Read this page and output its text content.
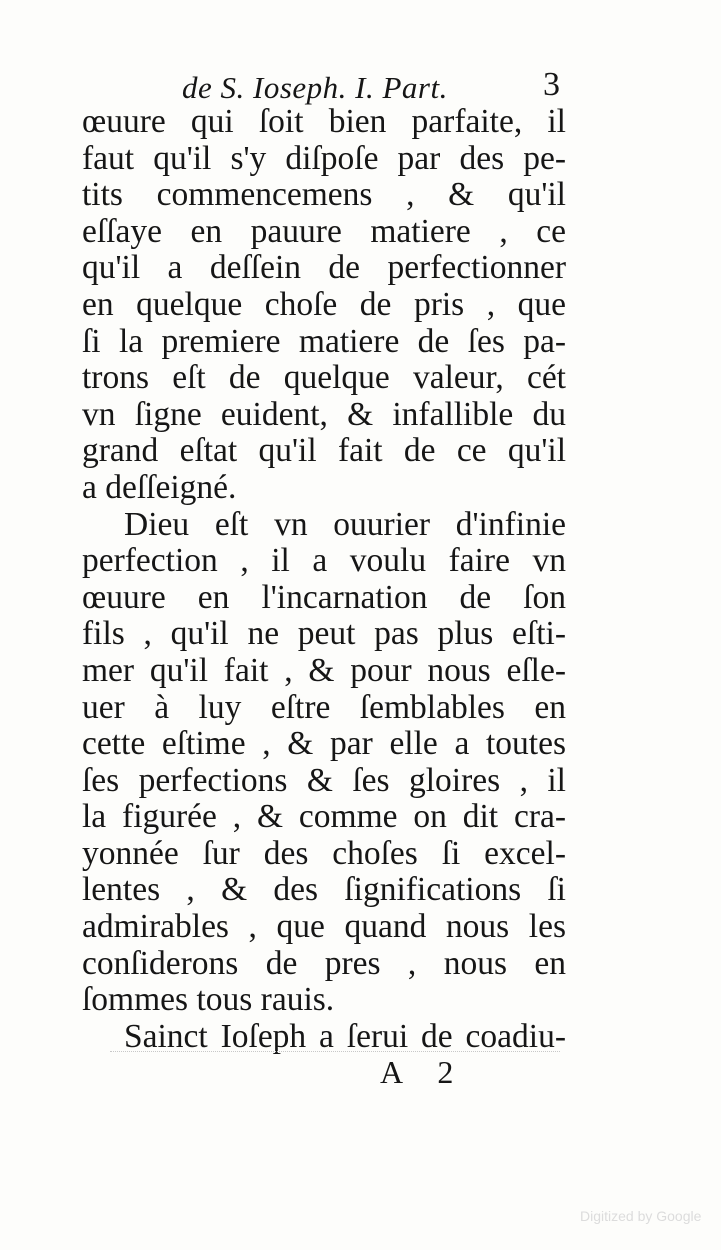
de S. Ioseph. I. Part.	3
œuure qui ſoit bien parfaite, il
faut qu'il s'y diſpoſe par des pe-
tits commencemens , & qu'il
eſſaye en pauure matiere , ce
qu'il a deſſein de perfectionner
en quelque choſe de pris , que
ſi la premiere matiere de ſes pa-
trons eſt de quelque valeur, cét
vn ſigne euident, & infallible du
grand eſtat qu'il fait de ce qu'il
a deſſeigné.
Dieu eſt vn ouurier d'infinie
perfection , il a voulu faire vn
œuure en l'incarnation de ſon
fils , qu'il ne peut pas plus eſti-
mer qu'il fait , & pour nous eſle-
uer à luy eſtre ſemblables en
cette eſtime , & par elle a toutes
ſes perfections & ſes gloires , il
la figurée , & comme on dit cra-
yonnée ſur des choſes ſi excel-
lentes , & des ſignifications ſi
admirables , que quand nous les
conſiderons de pres , nous en
ſommes tous rauis.
Sainct Ioſeph a ſerui de coadiu-
A 2
Digitized by Google
